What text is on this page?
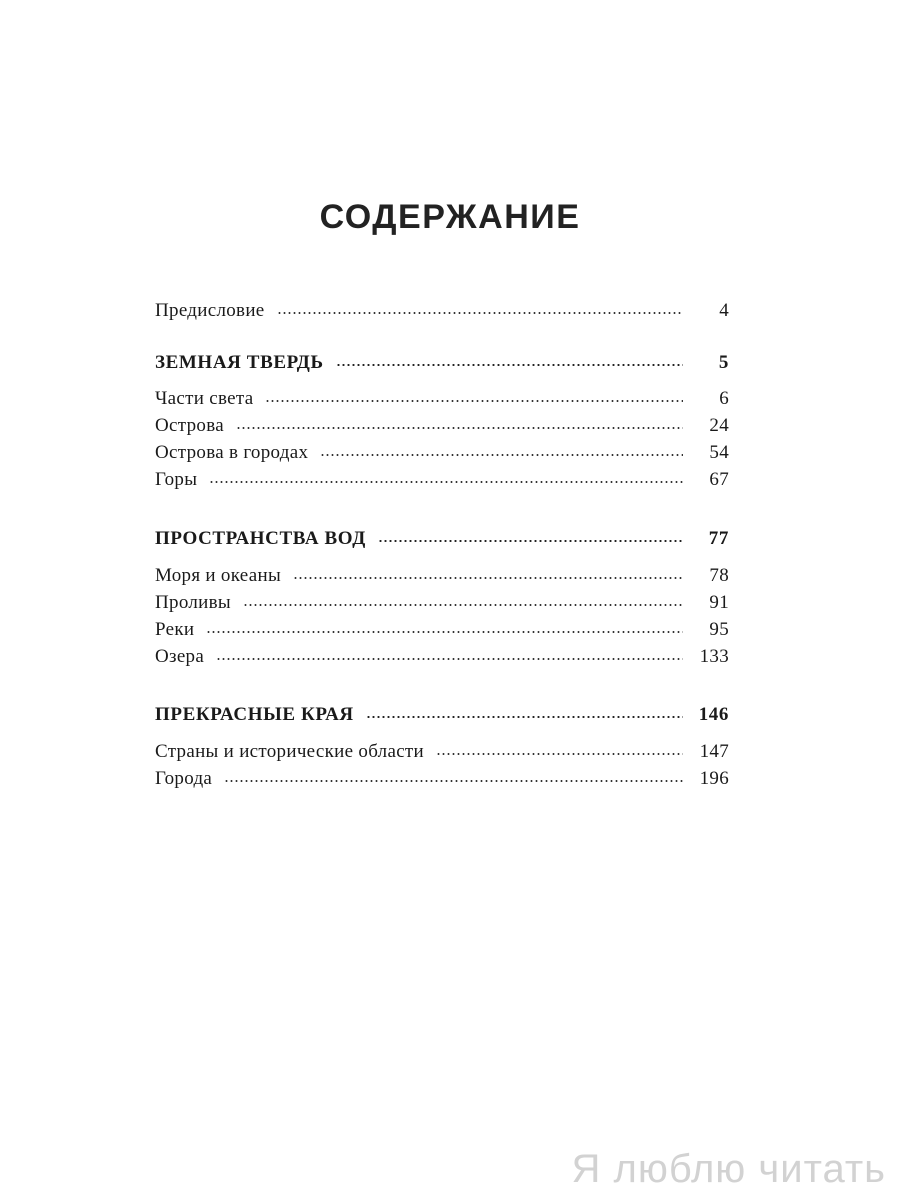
СОДЕРЖАНИЕ
Предисловие	4
ЗЕМНАЯ ТВЕРДЬ	5
Части света	6
Острова	24
Острова в городах	54
Горы	67
ПРОСТРАНСТВА ВОД	77
Моря и океаны	78
Проливы	91
Реки	95
Озера	133
ПРЕКРАСНЫЕ КРАЯ	146
Страны и исторические области	147
Города	196
Я люблю читать
